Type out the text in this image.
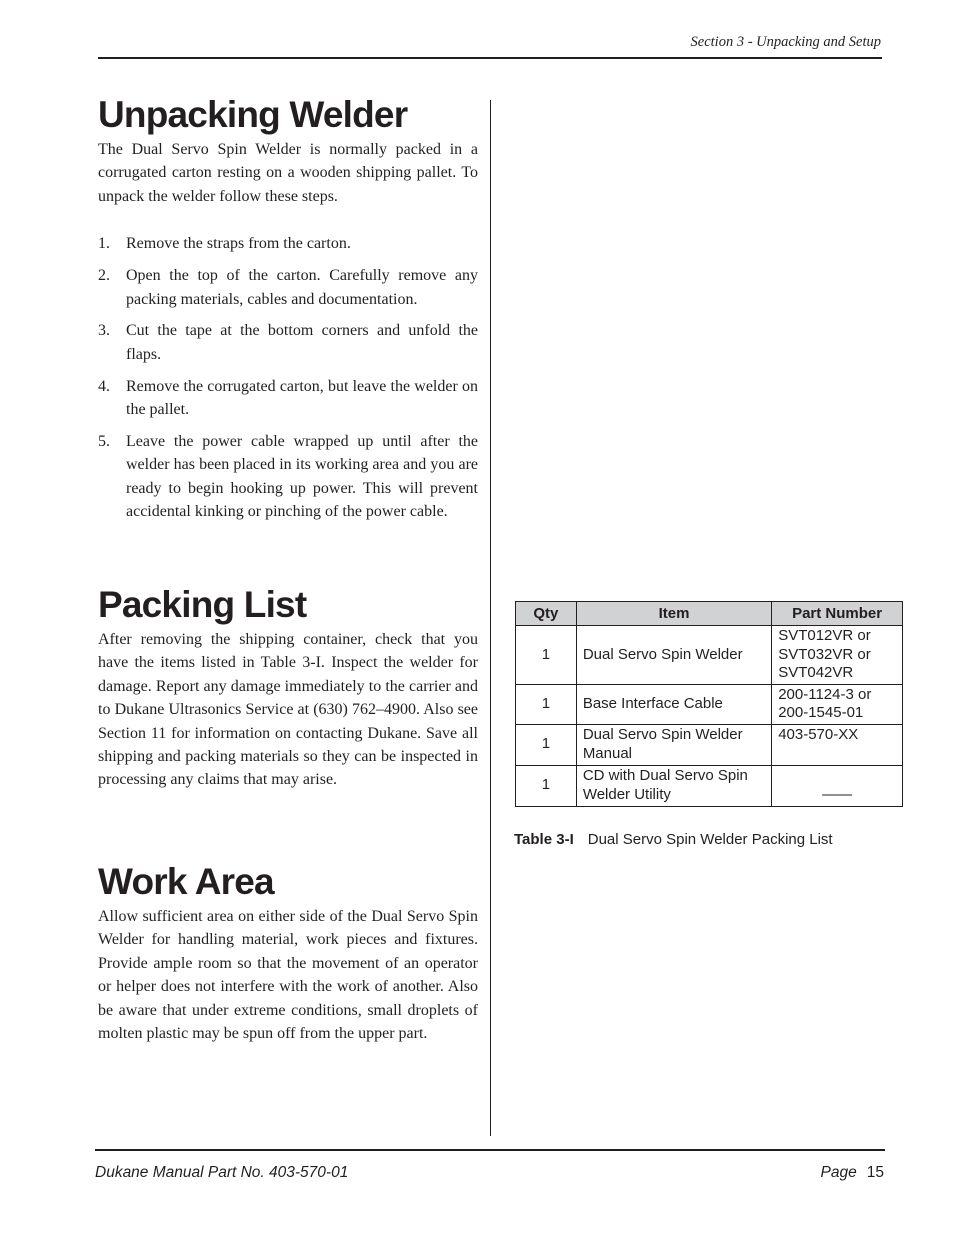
Section 3 - Unpacking and Setup
Unpacking Welder

The Dual Servo Spin Welder is normally packed in a corrugated carton resting on a wooden shipping pallet. To unpack the welder follow these steps.

1. Remove the straps from the carton.
2. Open the top of the carton. Carefully remove any packing materials, cables and documentation.
3. Cut the tape at the bottom corners and unfold the flaps.
4. Remove the corrugated carton, but leave the welder on the pallet.
5. Leave the power cable wrapped up until after the welder has been placed in its working area and you are ready to begin hooking up power. This will prevent accidental kinking or pinching of the power cable.
Packing List

After removing the shipping container, check that you have the items listed in Table 3-I. Inspect the welder for damage. Report any damage immediately to the carrier and to Dukane Ultrasonics Service at (630) 762–4900. Also see Section 11 for information on contacting Dukane. Save all shipping and packing materials so they can be inspected in processing any claims that may arise.

Work Area

Allow sufficient area on either side of the Dual Servo Spin Welder for handling material, work pieces and fixtures. Provide ample room so that the movement of an operator or helper does not interfere with the work of another. Also be aware that under extreme conditions, small droplets of molten plastic may be spun off from the upper part.

Qty	Item	Part Number
1	Dual Servo Spin Welder	SVT012VR or
SVT032VR or
SVT042VR

1	Base Interface Cable	200-1124-3 or
200-1545-01

1	Dual Servo Spin Welder Manual	403-570-XX

1	CD with Dual Servo Spin Welder Utility	——
Table 3-I Dual Servo Spin Welder Packing List
Dukane Manual Part No. 403-570-01	Page 15
